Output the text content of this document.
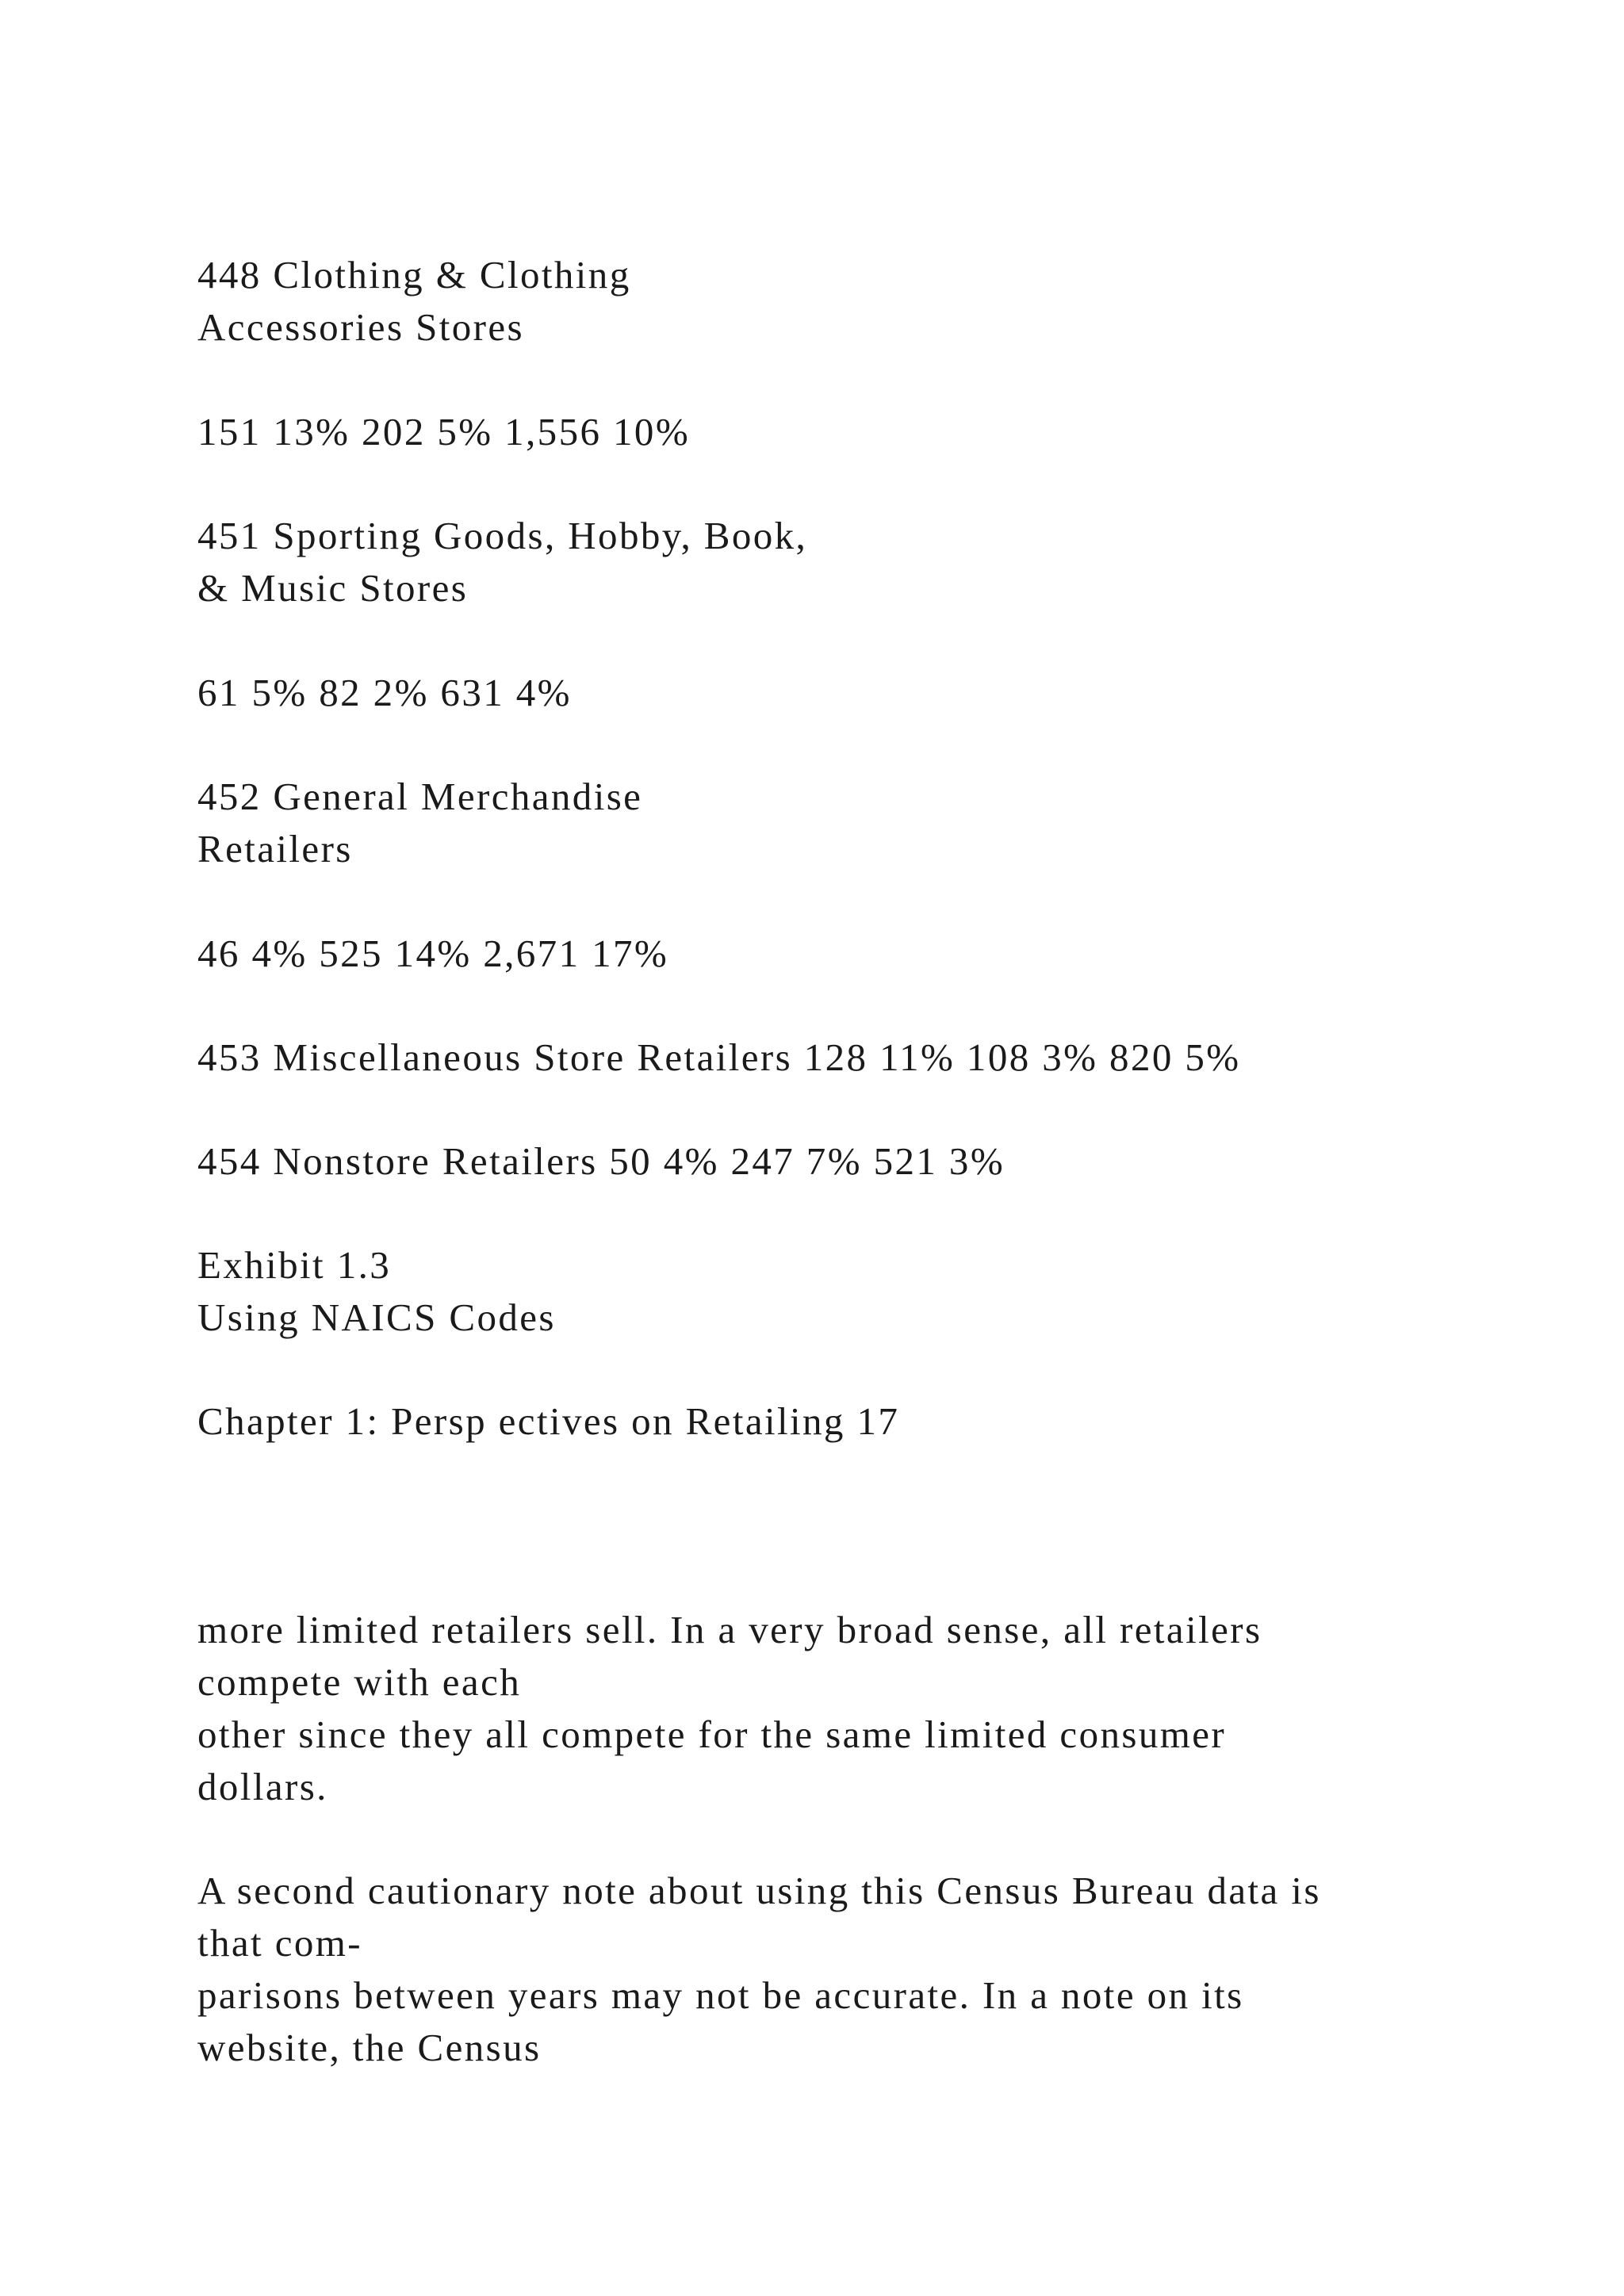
448 Clothing & Clothing

Accessories Stores

151 13% 202 5% 1,556 10%

451 Sporting Goods, Hobby, Book,

& Music Stores

61 5% 82 2% 631 4%

452 General Merchandise

Retailers

46 4% 525 14% 2,671 17%

453 Miscellaneous Store Retailers 128 11% 108 3% 820 5%

454 Nonstore Retailers 50 4% 247 7% 521 3%

Exhibit 1.3

Using NAICS Codes

Chapter 1: Persp ectives on Retailing 17

more limited retailers sell. In a very broad sense, all retailers

compete with each

other since they all compete for the same limited consumer

dollars.

A second cautionary note about using this Census Bureau data is

that com-

parisons between years may not be accurate. In a note on its

website, the Census
